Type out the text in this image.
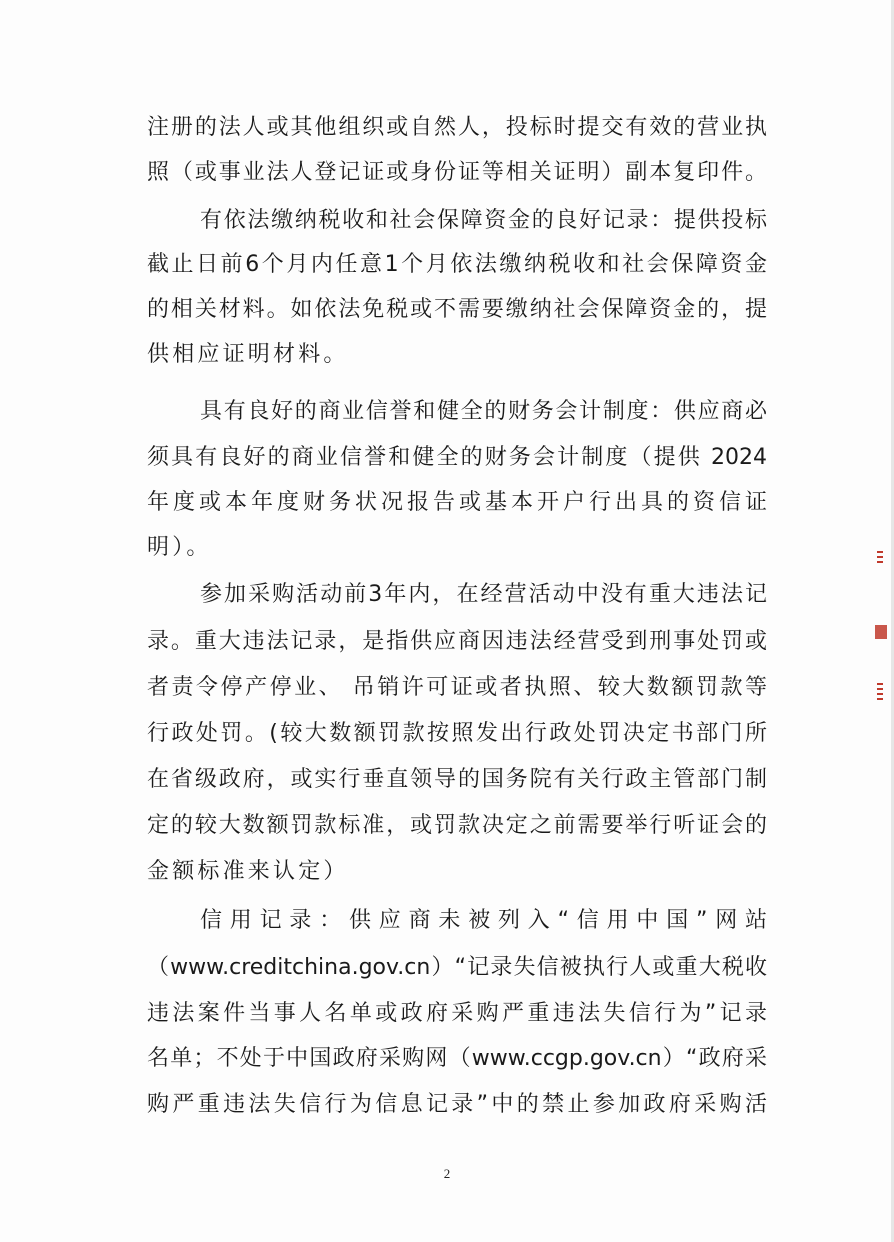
注册的法人或其他组织或自然人，投标时提交有效的营业执
照（或事业法人登记证或身份证等相关证明）副本复印件。
有依法缴纳税收和社会保障资金的良好记录：提供投标
截止日前6个月内任意1个月依法缴纳税收和社会保障资金
的相关材料。如依法免税或不需要缴纳社会保障资金的，提
供相应证明材料。
具有良好的商业信誉和健全的财务会计制度：供应商必
须具有良好的商业信誉和健全的财务会计制度（提供 2024
年度或本年度财务状况报告或基本开户行出具的资信证
明）。
参加采购活动前3年内，在经营活动中没有重大违法记
录。重大违法记录，是指供应商因违法经营受到刑事处罚或
者责令停产停业、 吊销许可证或者执照、较大数额罚款等
行政处罚。(较大数额罚款按照发出行政处罚决定书部门所
在省级政府，或实行垂直领导的国务院有关行政主管部门制
定的较大数额罚款标准，或罚款决定之前需要举行听证会的
金额标准来认定）
信用记录：供应商未被列入“信用中国”网站
（www.creditchina.gov.cn）“记录失信被执行人或重大税收
违法案件当事人名单或政府采购严重违法失信行为”记录
名单；不处于中国政府采购网（www.ccgp.gov.cn）“政府采
购严重违法失信行为信息记录”中的禁止参加政府采购活
2
